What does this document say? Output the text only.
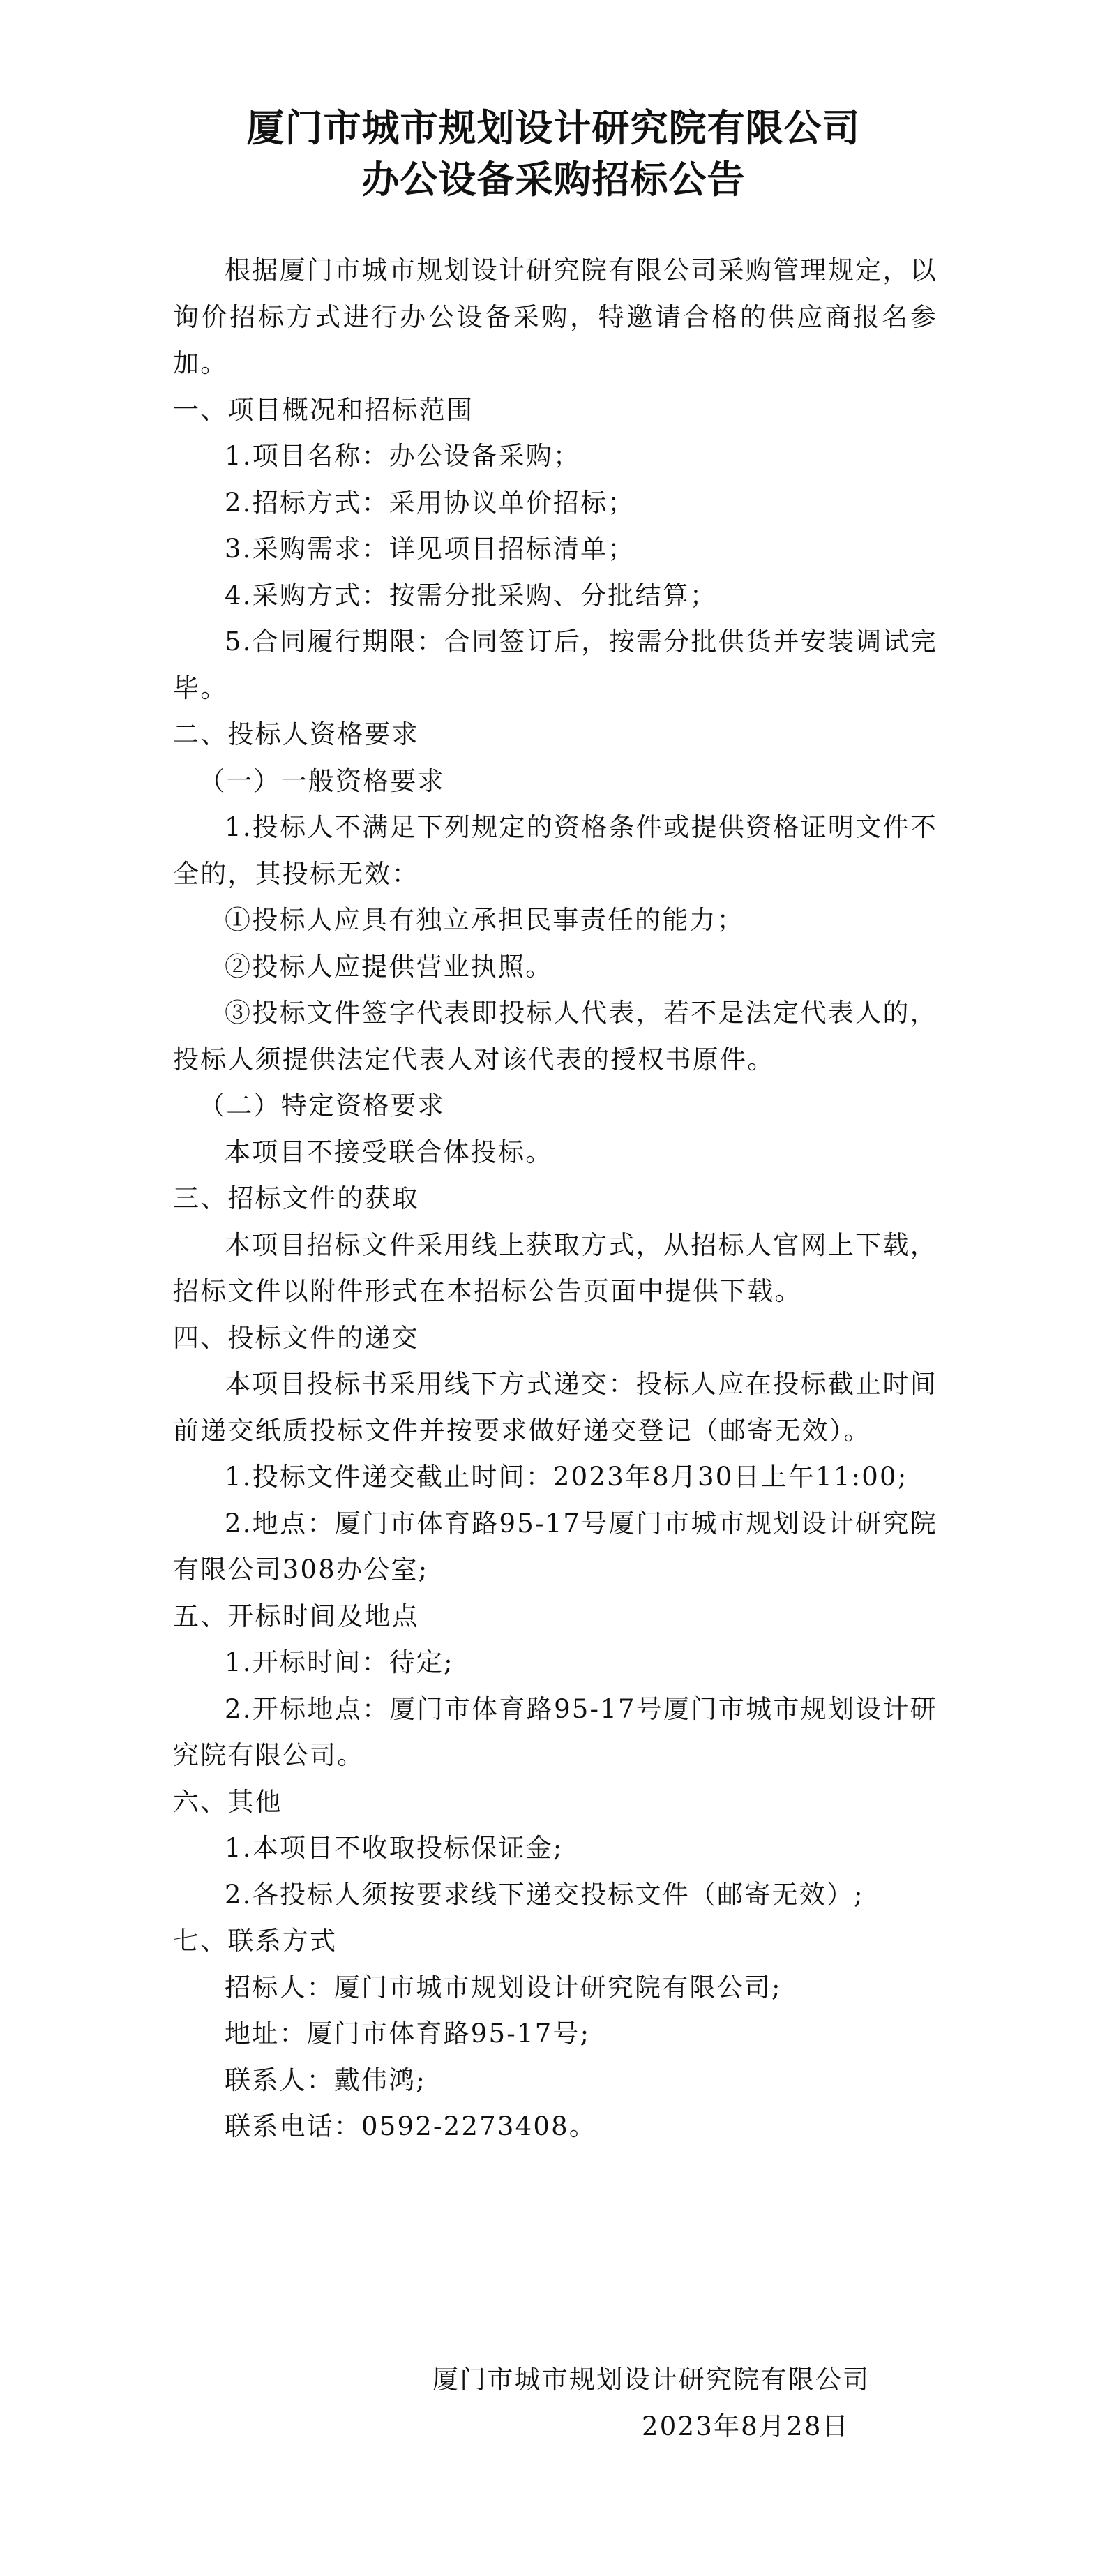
厦门市城市规划设计研究院有限公司
办公设备采购招标公告

根据厦门市城市规划设计研究院有限公司采购管理规定，以询价招标方式进行办公设备采购，特邀请合格的供应商报名参加。

一、项目概况和招标范围

1.项目名称：办公设备采购；

2.招标方式：采用协议单价招标；

3.采购需求：详见项目招标清单；

4.采购方式：按需分批采购、分批结算；

5.合同履行期限：合同签订后，按需分批供货并安装调试完毕。

二、投标人资格要求

（一）一般资格要求

1.投标人不满足下列规定的资格条件或提供资格证明文件不全的，其投标无效：

①投标人应具有独立承担民事责任的能力；

②投标人应提供营业执照。

③投标文件签字代表即投标人代表，若不是法定代表人的，投标人须提供法定代表人对该代表的授权书原件。

（二）特定资格要求

本项目不接受联合体投标。

三、招标文件的获取

本项目招标文件采用线上获取方式，从招标人官网上下载，招标文件以附件形式在本招标公告页面中提供下载。

四、投标文件的递交

本项目投标书采用线下方式递交：投标人应在投标截止时间前递交纸质投标文件并按要求做好递交登记（邮寄无效）。

1.投标文件递交截止时间：2023年8月30日上午11:00;

2.地点：厦门市体育路95-17号厦门市城市规划设计研究院有限公司308办公室;

五、开标时间及地点

1.开标时间：待定;

2.开标地点：厦门市体育路95-17号厦门市城市规划设计研究院有限公司。

六、其他

1.本项目不收取投标保证金;

2.各投标人须按要求线下递交投标文件（邮寄无效）;

七、联系方式

招标人：厦门市城市规划设计研究院有限公司;

地址：厦门市体育路95-17号;

联系人：戴伟鸿;

联系电话：0592-2273408。

厦门市城市规划设计研究院有限公司
2023年8月28日
